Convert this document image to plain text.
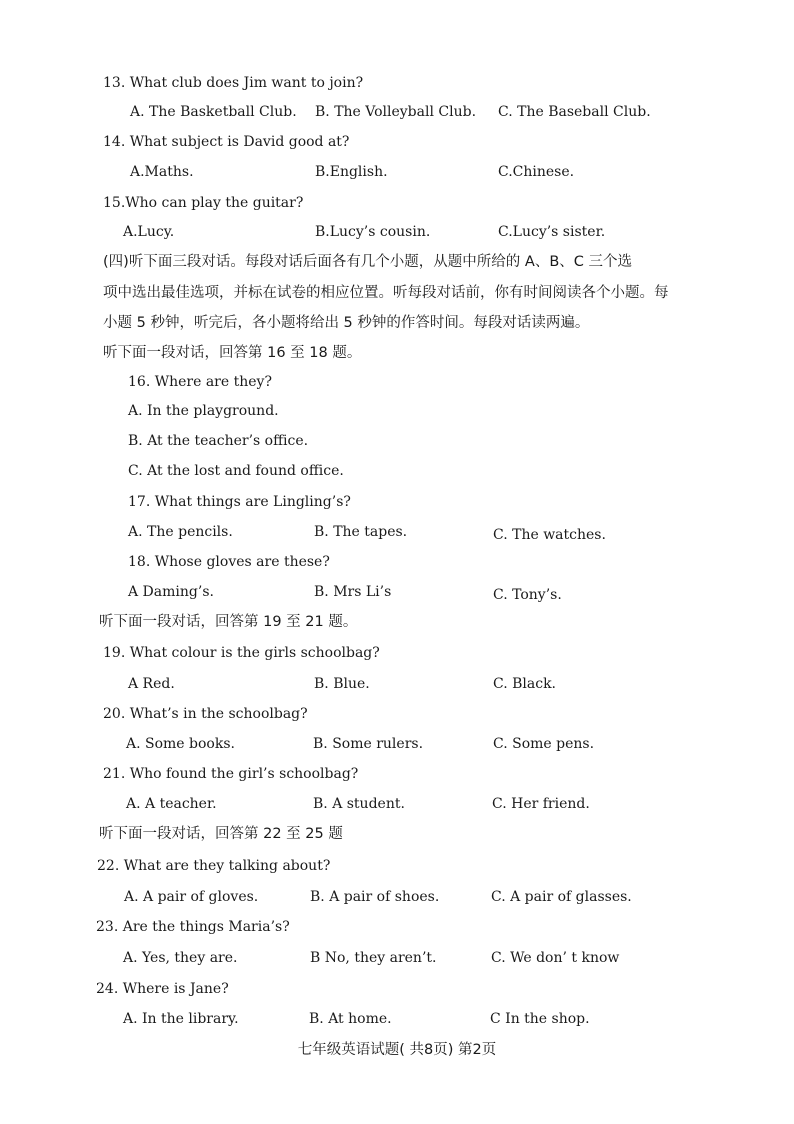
13. What club does Jim want to join?
A. The Basketball Club. B. The Volleyball Club. C. The Baseball Club.
14. What subject is David good at?
A.Maths.	B.English.	C.Chinese.
15.Who can play the guitar?
A.Lucy.	B.Lucy’s cousin.	C.Lucy’s sister.
(四)听下面三段对话。每段对话后面各有几个小题，从题中所给的 A、B、C 三个选
项中选出最佳选项，并标在试卷的相应位置。听每段对话前，你有时间阅读各个小题。每
小题 5 秒钟，听完后，各小题将给出 5 秒钟的作答时间。每段对话读两遍。
听下面一段对话，回答第 16 至 18 题。
16. Where are they?
A. In the playground.
B. At the teacher’s office.
C. At the lost and found office.
17. What things are Lingling’s?
A. The pencils.	B. The tapes.	C. The watches.
18. Whose gloves are these?
A Daming’s.	B. Mrs Li’s	C. Tony’s.
听下面一段对话，回答第 19 至 21 题。
19. What colour is the girls schoolbag?
A Red.	B. Blue.	C. Black.
20. What’s in the schoolbag?
A. Some books.	B. Some rulers.	C. Some pens.
21. Who found the girl’s schoolbag?
A. A teacher.	B. A student.	C. Her friend.
听下面一段对话，回答第 22 至 25 题
22. What are they talking about?
A. A pair of gloves.	B. A pair of shoes.	C. A pair of glasses.
23. Are the things Maria’s?
A. Yes, they are.	B No, they aren’t.	C. We don’ t know
24. Where is Jane?
A. In the library.	B. At home.	C In the shop.
七年级英语试题( 共8页) 第2页
